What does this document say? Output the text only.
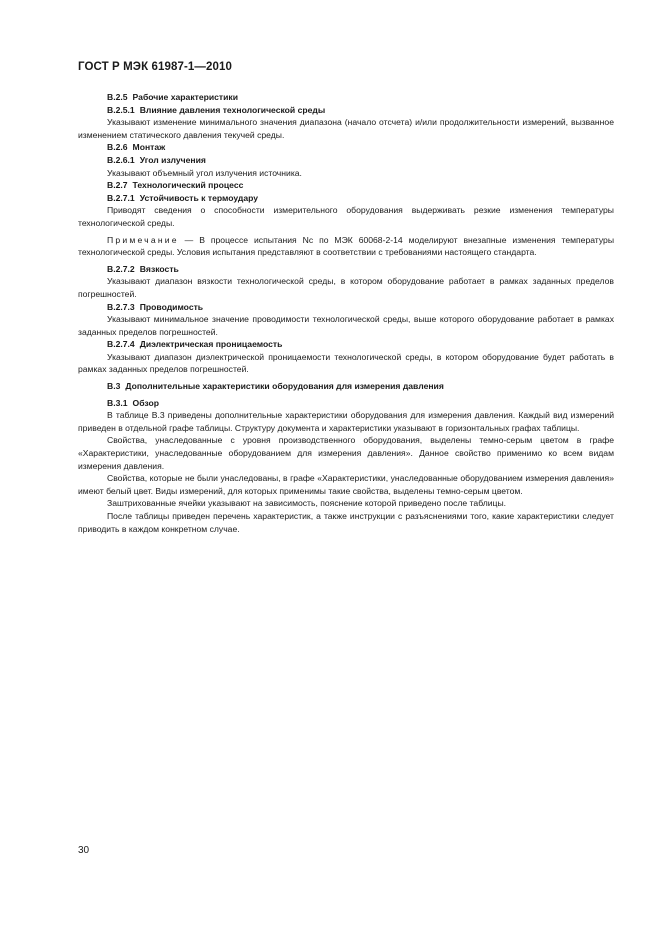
ГОСТ Р МЭК 61987-1—2010
B.2.5 Рабочие характеристики
B.2.5.1 Влияние давления технологической среды

Указывают изменение минимального значения диапазона (начало отсчета) и/или продолжительности измерений, вызванное изменением статического давления текучей среды.

B.2.6 Монтаж
B.2.6.1 Угол излучения

Указывают объемный угол излучения источника.

B.2.7 Технологический процесс
B.2.7.1 Устойчивость к термоудару

Приводят сведения о способности измерительного оборудования выдерживать резкие изменения температуры технологической среды.

Примечание — В процессе испытания Nc по МЭК 60068-2-14 моделируют внезапные изменения температуры технологической среды. Условия испытания представляют в соответствии с требованиями настоящего стандарта.

B.2.7.2 Вязкость

Указывают диапазон вязкости технологической среды, в котором оборудование работает в рамках заданных пределов погрешностей.

B.2.7.3 Проводимость

Указывают минимальное значение проводимости технологической среды, выше которого оборудование работает в рамках заданных пределов погрешностей.

B.2.7.4 Диэлектрическая проницаемость

Указывают диапазон диэлектрической проницаемости технологической среды, в котором оборудование будет работать в рамках заданных пределов погрешностей.

B.3 Дополнительные характеристики оборудования для измерения давления
B.3.1 Обзор

В таблице B.3 приведены дополнительные характеристики оборудования для измерения давления. Каждый вид измерений приведен в отдельной графе таблицы. Структуру документа и характеристики указывают в горизонтальных графах таблицы.

Свойства, унаследованные с уровня производственного оборудования, выделены темно-серым цветом в графе «Характеристики, унаследованные оборудованием для измерения давления». Данное свойство применимо ко всем видам измерения давления.

Свойства, которые не были унаследованы, в графе «Характеристики, унаследованные оборудованием измерения давления» имеют белый цвет. Виды измерений, для которых применимы такие свойства, выделены темно-серым цветом.

Заштрихованные ячейки указывают на зависимость, пояснение которой приведено после таблицы.

После таблицы приведен перечень характеристик, а также инструкции с разъяснениями того, какие характеристики следует приводить в каждом конкретном случае.

30
